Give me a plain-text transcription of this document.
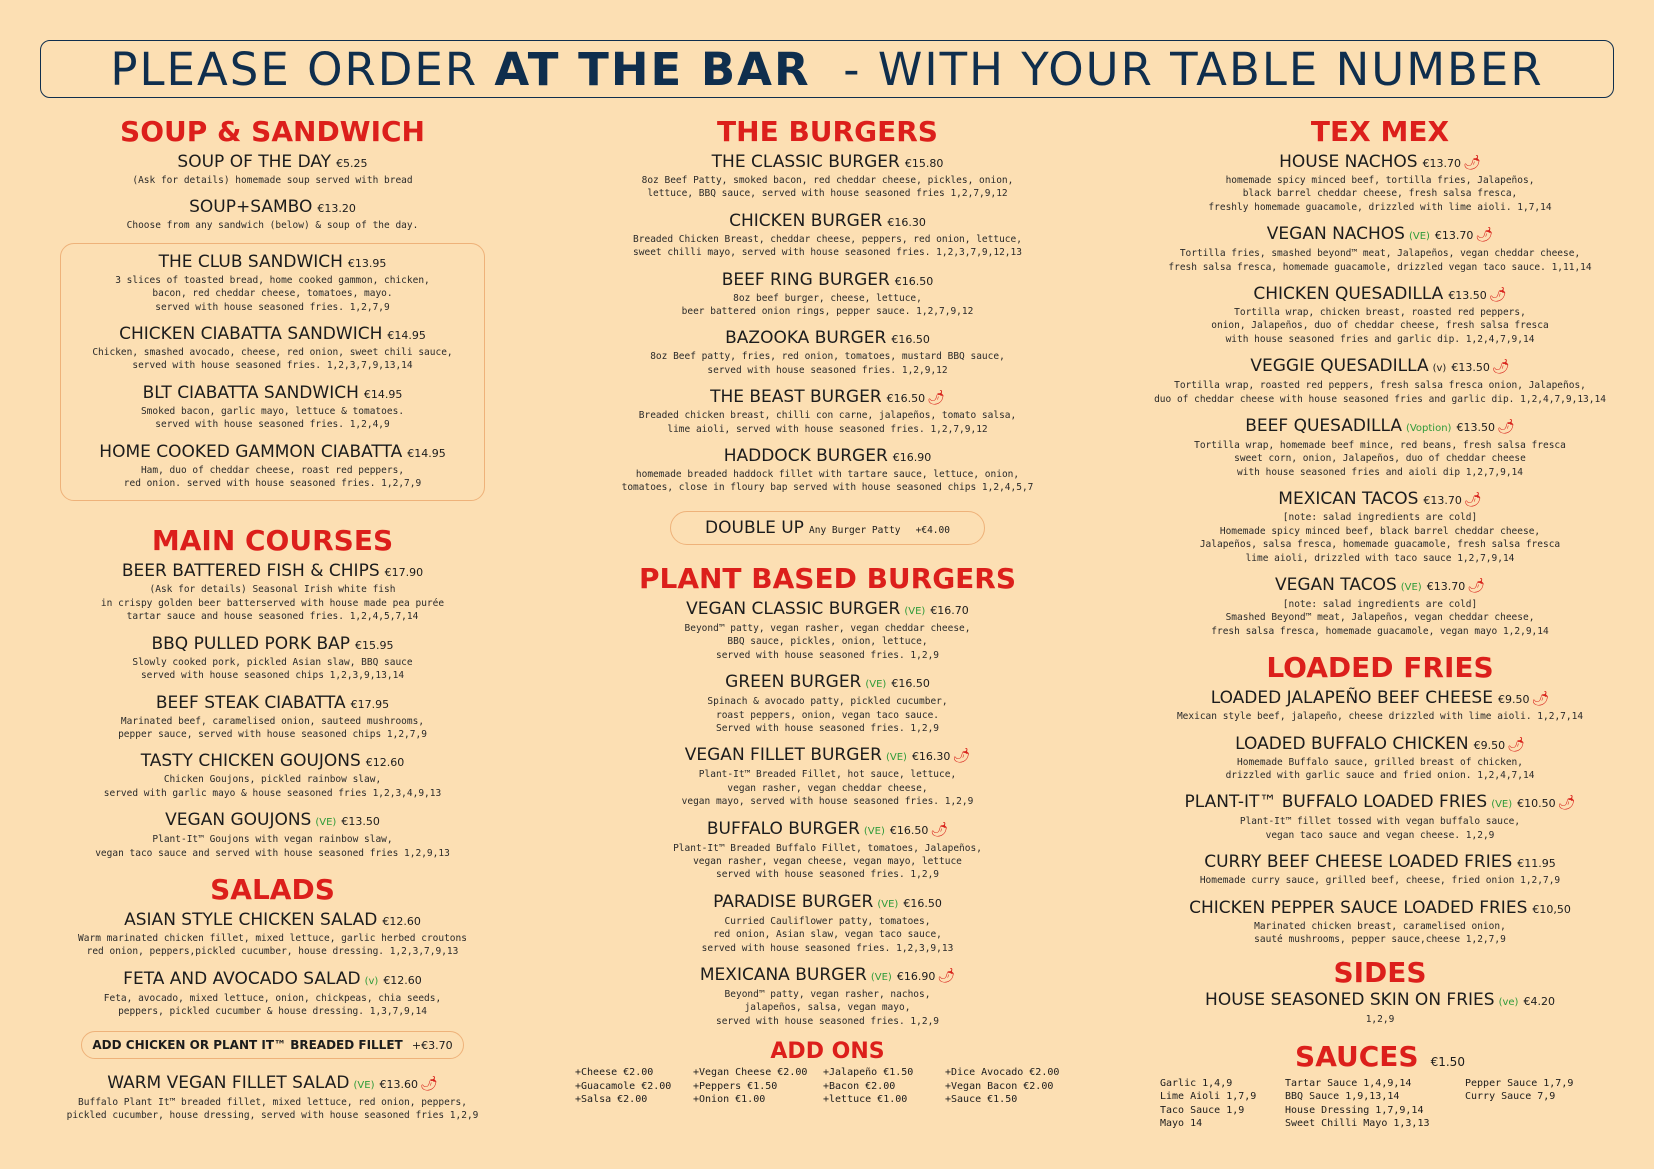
PLEASE ORDER AT THE BAR - WITH YOUR TABLE NUMBER
SOUP & SANDWICH
SOUP OF THE DAY €5.25
(Ask for details) homemade soup served with bread
SOUP+SAMBO €13.20
Choose from any sandwich (below) & soup of the day.
THE CLUB SANDWICH €13.95
3 slices of toasted bread, home cooked gammon, chicken,
bacon, red cheddar cheese, tomatoes, mayo.
served with house seasoned fries. 1,2,7,9
CHICKEN CIABATTA SANDWICH €14.95
Chicken, smashed avocado, cheese, red onion, sweet chili sauce,
served with house seasoned fries. 1,2,3,7,9,13,14
BLT CIABATTA SANDWICH €14.95
Smoked bacon, garlic mayo, lettuce & tomatoes.
served with house seasoned fries. 1,2,4,9
HOME COOKED GAMMON CIABATTA €14.95
Ham, duo of cheddar cheese, roast red peppers,
red onion. served with house seasoned fries. 1,2,7,9
MAIN COURSES
BEER BATTERED FISH & CHIPS €17.90
(Ask for details) Seasonal Irish white fish
in crispy golden beer batterserved with house made pea purée
tartar sauce and house seasoned fries. 1,2,4,5,7,14
BBQ PULLED PORK BAP €15.95
Slowly cooked pork, pickled Asian slaw, BBQ sauce
served with house seasoned chips 1,2,3,9,13,14
BEEF STEAK CIABATTA €17.95
Marinated beef, caramelised onion, sauteed mushrooms,
pepper sauce, served with house seasoned chips 1,2,7,9
TASTY CHICKEN GOUJONS €12.60
Chicken Goujons, pickled rainbow slaw,
served with garlic mayo & house seasoned fries 1,2,3,4,9,13
VEGAN GOUJONS (VE) €13.50
Plant-It™ Goujons with vegan rainbow slaw,
vegan taco sauce and served with house seasoned fries 1,2,9,13
SALADS
ASIAN STYLE CHICKEN SALAD €12.60
Warm marinated chicken fillet, mixed lettuce, garlic herbed croutons
red onion, peppers,pickled cucumber, house dressing. 1,2,3,7,9,13
FETA AND AVOCADO SALAD (v) €12.60
Feta, avocado, mixed lettuce, onion, chickpeas, chia seeds,
peppers, pickled cucumber & house dressing. 1,3,7,9,14
ADD CHICKEN OR PLANT IT™ BREADED FILLET +€3.70
WARM VEGAN FILLET SALAD (VE) €13.60 🌶
Buffalo Plant It™ breaded fillet, mixed lettuce, red onion, peppers,
pickled cucumber, house dressing, served with house seasoned fries 1,2,9
THE BURGERS
THE CLASSIC BURGER €15.80
8oz Beef Patty, smoked bacon, red cheddar cheese, pickles, onion,
lettuce, BBQ sauce, served with house seasoned fries 1,2,7,9,12
CHICKEN BURGER €16.30
Breaded Chicken Breast, cheddar cheese, peppers, red onion, lettuce,
sweet chilli mayo, served with house seasoned fries. 1,2,3,7,9,12,13
BEEF RING BURGER €16.50
8oz beef burger, cheese, lettuce,
beer battered onion rings, pepper sauce. 1,2,7,9,12
BAZOOKA BURGER €16.50
8oz Beef patty, fries, red onion, tomatoes, mustard BBQ sauce,
served with house seasoned fries. 1,2,9,12
THE BEAST BURGER €16.50 🌶
Breaded chicken breast, chilli con carne, jalapeños, tomato salsa,
lime aioli, served with house seasoned fries. 1,2,7,9,12
HADDOCK BURGER €16.90
homemade breaded haddock fillet with tartare sauce, lettuce, onion,
tomatoes, close in floury bap served with house seasoned chips 1,2,4,5,7
DOUBLE UP Any Burger Patty +€4.00
PLANT BASED BURGERS
VEGAN CLASSIC BURGER (VE) €16.70
Beyond™ patty, vegan rasher, vegan cheddar cheese,
BBQ sauce, pickles, onion, lettuce,
served with house seasoned fries. 1,2,9
GREEN BURGER (VE) €16.50
Spinach & avocado patty, pickled cucumber,
roast peppers, onion, vegan taco sauce.
Served with house seasoned fries. 1,2,9
VEGAN FILLET BURGER (VE) €16.30 🌶
Plant-It™ Breaded Fillet, hot sauce, lettuce,
vegan rasher, vegan cheddar cheese,
vegan mayo, served with house seasoned fries. 1,2,9
BUFFALO BURGER (VE) €16.50 🌶
Plant-It™ Breaded Buffalo Fillet, tomatoes, Jalapeños,
vegan rasher, vegan cheese, vegan mayo, lettuce
served with house seasoned fries. 1,2,9
PARADISE BURGER (VE) €16.50
Curried Cauliflower patty, tomatoes,
red onion, Asian slaw, vegan taco sauce,
served with house seasoned fries. 1,2,3,9,13
MEXICANA BURGER (VE) €16.90 🌶
Beyond™ patty, vegan rasher, nachos,
jalapeños, salsa, vegan mayo,
served with house seasoned fries. 1,2,9
ADD ONS
+Cheese €2.00	+Vegan Cheese €2.00	+Jalapeño €1.50	+Dice Avocado €2.00
+Guacamole €2.00	+Peppers €1.50	+Bacon €2.00	+Vegan Bacon €2.00
+Salsa €2.00	+Onion €1.00	+lettuce €1.00	+Sauce €1.50
TEX MEX
HOUSE NACHOS €13.70 🌶
homemade spicy minced beef, tortilla fries, Jalapeños,
black barrel cheddar cheese, fresh salsa fresca,
freshly homemade guacamole, drizzled with lime aioli. 1,7,14
VEGAN NACHOS (VE) €13.70 🌶
Tortilla fries, smashed beyond™ meat, Jalapeños, vegan cheddar cheese,
fresh salsa fresca, homemade guacamole, drizzled vegan taco sauce. 1,11,14
CHICKEN QUESADILLA €13.50 🌶
Tortilla wrap, chicken breast, roasted red peppers,
onion, Jalapeños, duo of cheddar cheese, fresh salsa fresca
with house seasoned fries and garlic dip. 1,2,4,7,9,14
VEGGIE QUESADILLA (v) €13.50 🌶
Tortilla wrap, roasted red peppers, fresh salsa fresca onion, Jalapeños,
duo of cheddar cheese with house seasoned fries and garlic dip. 1,2,4,7,9,13,14
BEEF QUESADILLA (Voption) €13.50 🌶
Tortilla wrap, homemade beef mince, red beans, fresh salsa fresca
sweet corn, onion, Jalapeños, duo of cheddar cheese
with house seasoned fries and aioli dip 1,2,7,9,14
MEXICAN TACOS €13.70 🌶
[note: salad ingredients are cold]
Homemade spicy minced beef, black barrel cheddar cheese,
Jalapeños, salsa fresca, homemade guacamole, fresh salsa fresca
lime aioli, drizzled with taco sauce 1,2,7,9,14
VEGAN TACOS (VE) €13.70 🌶
[note: salad ingredients are cold]
Smashed Beyond™ meat, Jalapeños, vegan cheddar cheese,
fresh salsa fresca, homemade guacamole, vegan mayo 1,2,9,14
LOADED FRIES
LOADED JALAPEÑO BEEF CHEESE €9.50 🌶
Mexican style beef, jalapeño, cheese drizzled with lime aioli. 1,2,7,14
LOADED BUFFALO CHICKEN €9.50 🌶
Homemade Buffalo sauce, grilled breast of chicken,
drizzled with garlic sauce and fried onion. 1,2,4,7,14
PLANT-IT™ BUFFALO LOADED FRIES (VE) €10.50 🌶
Plant-It™ fillet tossed with vegan buffalo sauce,
vegan taco sauce and vegan cheese. 1,2,9
CURRY BEEF CHEESE LOADED FRIES €11.95
Homemade curry sauce, grilled beef, cheese, fried onion 1,2,7,9
CHICKEN PEPPER SAUCE LOADED FRIES €10,50
Marinated chicken breast, caramelised onion,
sauté mushrooms, pepper sauce,cheese 1,2,7,9
SIDES
HOUSE SEASONED SKIN ON FRIES (ve) €4.20
1,2,9
SAUCES €1.50
Garlic 1,4,9	Tartar Sauce 1,4,9,14	Pepper Sauce 1,7,9
Lime Aioli 1,7,9	BBQ Sauce 1,9,13,14	Curry Sauce 7,9
Taco Sauce 1,9	House Dressing 1,7,9,14
Mayo 14	Sweet Chilli Mayo 1,3,13
